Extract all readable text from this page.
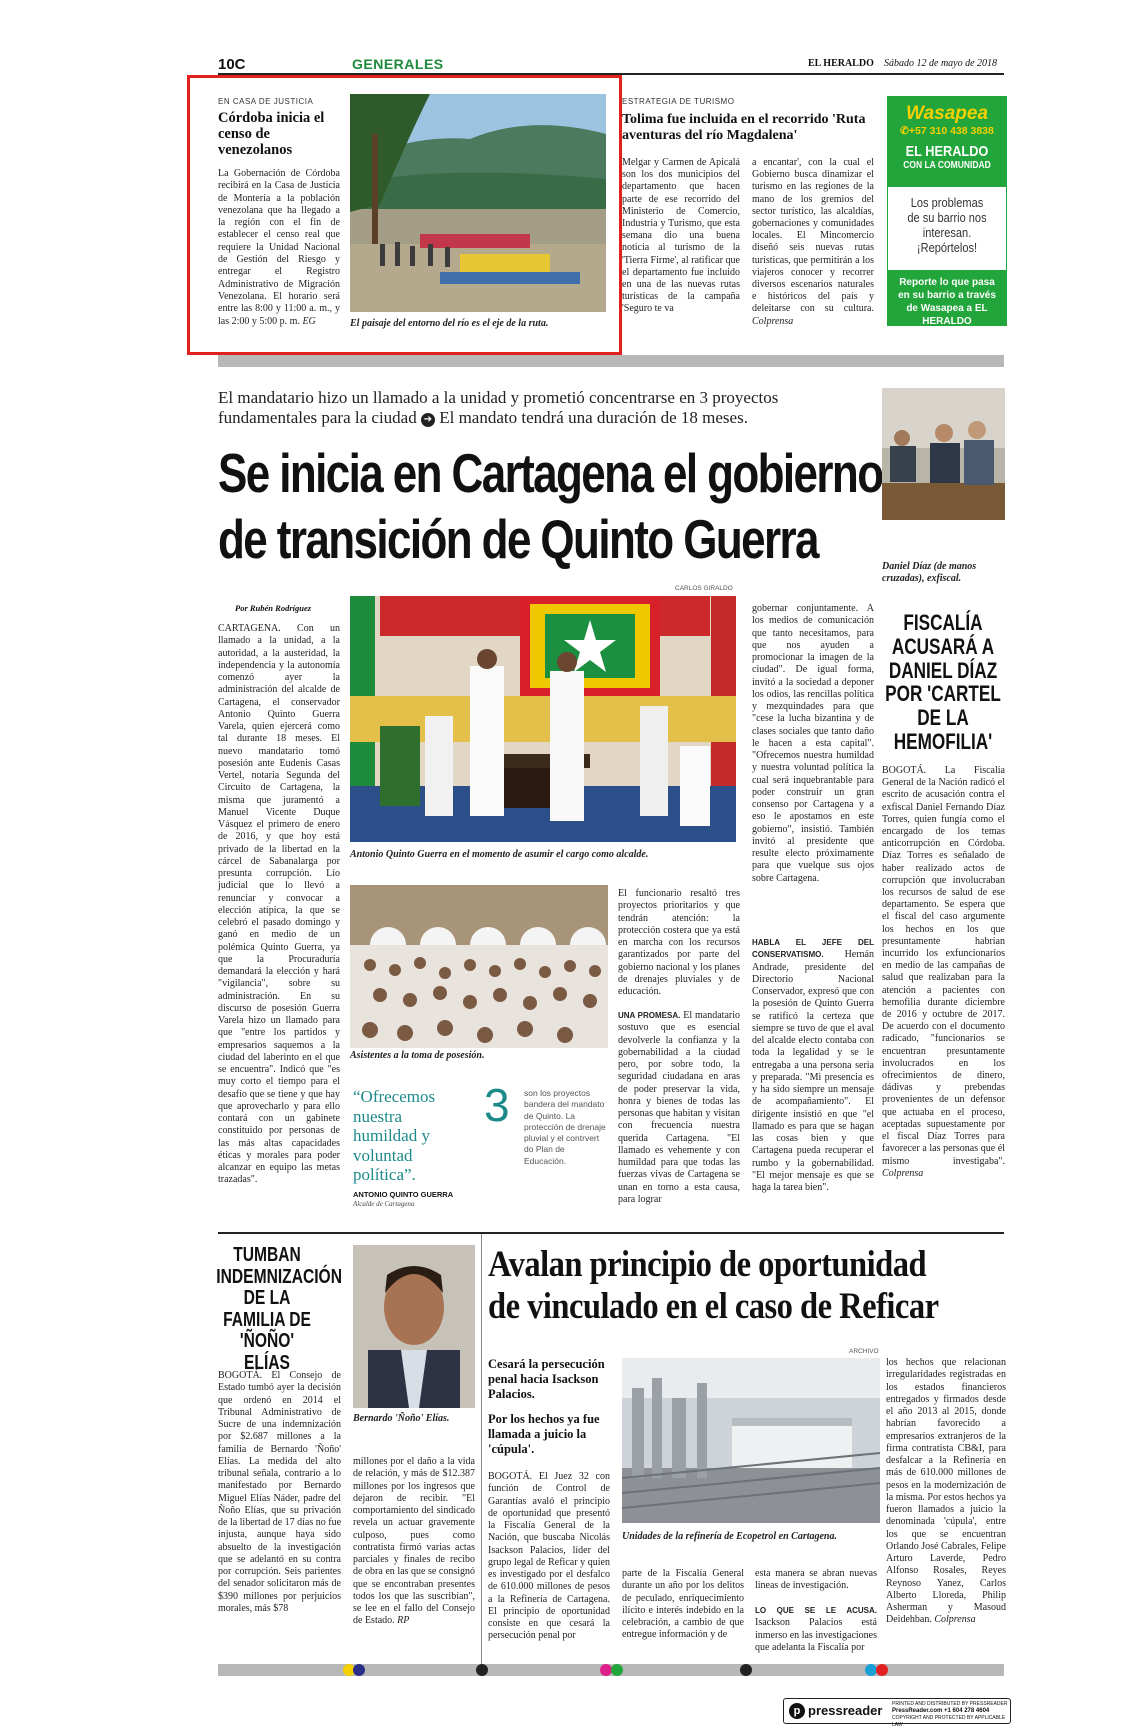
10C	GENERALES	EL HERALDO Sábado 12 de mayo de 2018
EN CASA DE JUSTICIA
Córdoba inicia el censo de venezolanos
La Gobernación de Córdoba recibirá en la Casa de Justicia de Montería a la población venezolana que ha llegado a la región con el fin de establecer el censo real que requiere la Unidad Nacional de Gestión del Riesgo y entregar el Registro Administrativo de Migración Venezolana. El horario será entre las 8:00 y 11:00 a. m., y las 2:00 y 5:00 p. m. EG	El paisaje del entorno del río es el eje de la ruta.
ESTRATEGIA DE TURISMO
Tolima fue incluida en el recorrido 'Ruta aventuras del río Magdalena'
Melgar y Carmen de Apicalá son los dos municipios del departamento que hacen parte de ese recorrido del Ministerio de Comercio, Industria y Turismo, que esta semana dio una buena noticia al turismo de la 'Tierra Firme', al ratificar que el departamento fue incluido en una de las nuevas rutas turísticas de la campaña 'Seguro te va
a encantar', con la cual el Gobierno busca dinamizar el turismo en las regiones de la mano de los gremios del sector turístico, las alcaldías, gobernaciones y comunidades locales. El Mincomercio diseñó seis nuevas rutas turísticas, que permitirán a los viajeros conocer y recorrer diversos escenarios naturales e históricos del país y deleitarse con su cultura. Colprensa
Wasapea
✆+57 310 438 3838
EL HERALDO
CON LA COMUNIDAD
Los problemas de su barrio nos interesan. ¡Repórtelos!
Reporte lo que pasa en su barrio a través de Wasapea a EL HERALDO
El mandatario hizo un llamado a la unidad y prometió concentrarse en 3 proyectos fundamentales para la ciudad ➔ El mandato tendrá una duración de 18 meses.
Se inicia en Cartagena el gobierno
de transición de Quinto Guerra	Daniel Díaz (de manos cruzadas), exfiscal.
FISCALÍA ACUSARÁ A DANIEL DÍAZ POR 'CARTEL DE LA HEMOFILIA'
BOGOTÁ. La Fiscalía General de la Nación radicó el escrito de acusación contra el exfiscal Daniel Fernando Díaz Torres, quien fungía como el encargado de los temas anticorrupción en Córdoba. Díaz Torres es señalado de haber realizado actos de corrupción que involucraban los recursos de salud de ese departamento. Se espera que el fiscal del caso argumente los hechos en los que presuntamente habrían incurrido los exfuncionarios en medio de las campañas de salud que realizaban para la atención a pacientes con hemofilia durante diciembre de 2016 y octubre de 2017. De acuerdo con el documento radicado, "funcionarios se encuentran presuntamente involucrados en los ofrecimientos de dinero, dádivas y prebendas provenientes de un defensor que actuaba en el proceso, aceptadas supuestamente por el fiscal Díaz Torres para favorecer a las personas que él mismo investigaba". Colprensa
Por Rubén Rodríguez
CARTAGENA. Con un llamado a la unidad, a la autoridad, a la austeridad, la independencia y la autonomía comenzó ayer la administración del alcalde de Cartagena, el conservador Antonio Quinto Guerra Varela, quien ejercerá como tal durante 18 meses. El nuevo mandatario tomó posesión ante Eudenis Casas Vertel, notaria Segunda del Circuito de Cartagena, la misma que juramentó a Manuel Vicente Duque Vásquez el primero de enero de 2016, y que hoy está privado de la libertad en la cárcel de Sabanalarga por presunta corrupción. Lío judicial que lo llevó a renunciar y convocar a elección atípica, la que se celebró el pasado domingo y ganó en medio de un polémica Quinto Guerra, ya que la Procuraduría demandará la elección y hará "vigilancia", sobre su administración. En su discurso de posesión Guerra Varela hizo un llamado para que "entre los partidos y empresarios saquemos a la ciudad del laberinto en el que se encuentra". Indicó que "es muy corto el tiempo para el desafío que se tiene y que hay que aprovecharlo y para ello contará con un gabinete constituido por personas de las más altas capacidades éticas y morales para poder alcanzar en equipo las metas trazadas".
CARLOS GIRALDO
Antonio Quinto Guerra en el momento de asumir el cargo como alcalde.
Asistentes a la toma de posesión.
“Ofrecemos nuestra humildad y voluntad política”.
ANTONIO QUINTO GUERRA
Alcalde de Cartagena
3 son los proyectos bandera del mandato de Quinto. La protección de drenaje pluvial y el contrvert do Plan de Educación.
El funcionario resaltó tres proyectos prioritarios y que tendrán atención: la protección costera que ya está en marcha con los recursos garantizados por parte del gobierno nacional y los planes de drenajes pluviales y de educación.
UNA PROMESA. El mandatario sostuvo que es esencial devolverle la confianza y la gobernabilidad a la ciudad pero, por sobre todo, la seguridad ciudadana en aras de poder preservar la vida, honra y bienes de todas las personas que habitan y visitan con frecuencia nuestra querida Cartagena. "El llamado es vehemente y con humildad para que todas las fuerzas vivas de Cartagena se unan en torno a esta causa, para lograr
gobernar conjuntamente. A los medios de comunicación que tanto necesitamos, para que nos ayuden a promocionar la imagen de la ciudad". De igual forma, invitó a la sociedad a deponer los odios, las rencillas política y mezquindades para que "cese la lucha bizantina y de clases sociales que tanto daño le hacen a esta capital". "Ofrecemos nuestra humildad y nuestra voluntad política la cual será inquebrantable para poder construir un gran consenso por Cartagena y a eso le apostamos en este gobierno", insistió. También invitó al presidente que resulte electo próximamente para que vuelque sus ojos sobre Cartagena.
HABLA EL JEFE DEL CONSERVATISMO. Hernán Andrade, presidente del Directorio Nacional Conservador, expresó que con la posesión de Quinto Guerra se ratificó la certeza que siempre se tuvo de que el aval del alcalde electo contaba con toda la legalidad y se le entregaba a una persona seria y preparada. "Mi presencia es y ha sido siempre un mensaje de acompañamiento". El dirigente insistió en que "el llamado es para que se hagan las cosas bien y que Cartagena pueda recuperar el rumbo y la gobernabilidad. "El mejor mensaje es que se haga la tarea bien".
TUMBAN INDEMNIZACIÓN DE LA FAMILIA DE 'ÑOÑO' ELÍAS
Bernardo 'Ñoño' Elías.
BOGOTÁ. El Consejo de Estado tumbó ayer la decisión que ordenó en 2014 el Tribunal Administrativo de Sucre de una indemnización por $2.687 millones a la familia de Bernardo 'Ñoño' Elías. La medida del alto tribunal señala, contrario a lo manifestado por Bernardo Miguel Elías Náder, padre del Ñoño Elías, que su privación de la libertad de 17 días no fue injusta, aunque haya sido absuelto de la investigación que se adelantó en su contra por corrupción. Seis parientes del senador solicitaron más de $390 millones por perjuicios morales, más $78
millones por el daño a la vida de relación, y más de $12.387 millones por los ingresos que dejaron de recibir. "El comportamiento del sindicado revela un actuar gravemente culposo, pues como contratista firmó varias actas parciales y finales de recibo de obra en las que se consignó que se encontraban presentes todos los que las suscribían", se lee en el fallo del Consejo de Estado. RP
Avalan principio de oportunidad
de vinculado en el caso de Reficar
Cesará la persecución penal hacia Isackson Palacios.
Por los hechos ya fue llamada a juicio la 'cúpula'.
BOGOTÁ. El Juez 32 con función de Control de Garantías avaló el principio de oportunidad que presentó la Fiscalía General de la Nación, que buscaba Nicolás Isackson Palacios, líder del grupo legal de Reficar y quien es investigado por el desfalco de 610.000 millones de pesos a la Refinería de Cartagena. El principio de oportunidad consiste en que cesará la persecución penal por
ARCHIVO
Unidades de la refinería de Ecopetrol en Cartagena.
parte de la Fiscalía General durante un año por los delitos de peculado, enriquecimiento ilícito e interés indebido en la celebración, a cambio de que entregue información y de
esta manera se abran nuevas líneas de investigación.
LO QUE SE LE ACUSA. Isackson Palacios está inmerso en las investigaciones que adelanta la Fiscalía por
los hechos que relacionan irregularidades registradas en los estados financieros entregados y firmados desde el año 2013 al 2015, donde habrían favorecido a empresarios extranjeros de la firma contratista CB&I, para desfalcar a la Refinería en más de 610.000 millones de pesos en la modernización de la misma. Por estos hechos ya fueron llamados a juicio la denominada 'cúpula', entre los que se encuentran Orlando José Cabrales, Felipe Arturo Laverde, Pedro Alfonso Rosales, Reyes Reynoso Yanez, Carlos Alberto Lloreda, Philip Asherman y Masoud Deidehban. Colprensa
p pressreader PRINTED AND DISTRIBUTED BY PRESSREADER
PressReader.com +1 604 278 4604
COPYRIGHT AND PROTECTED BY APPLICABLE LAW
